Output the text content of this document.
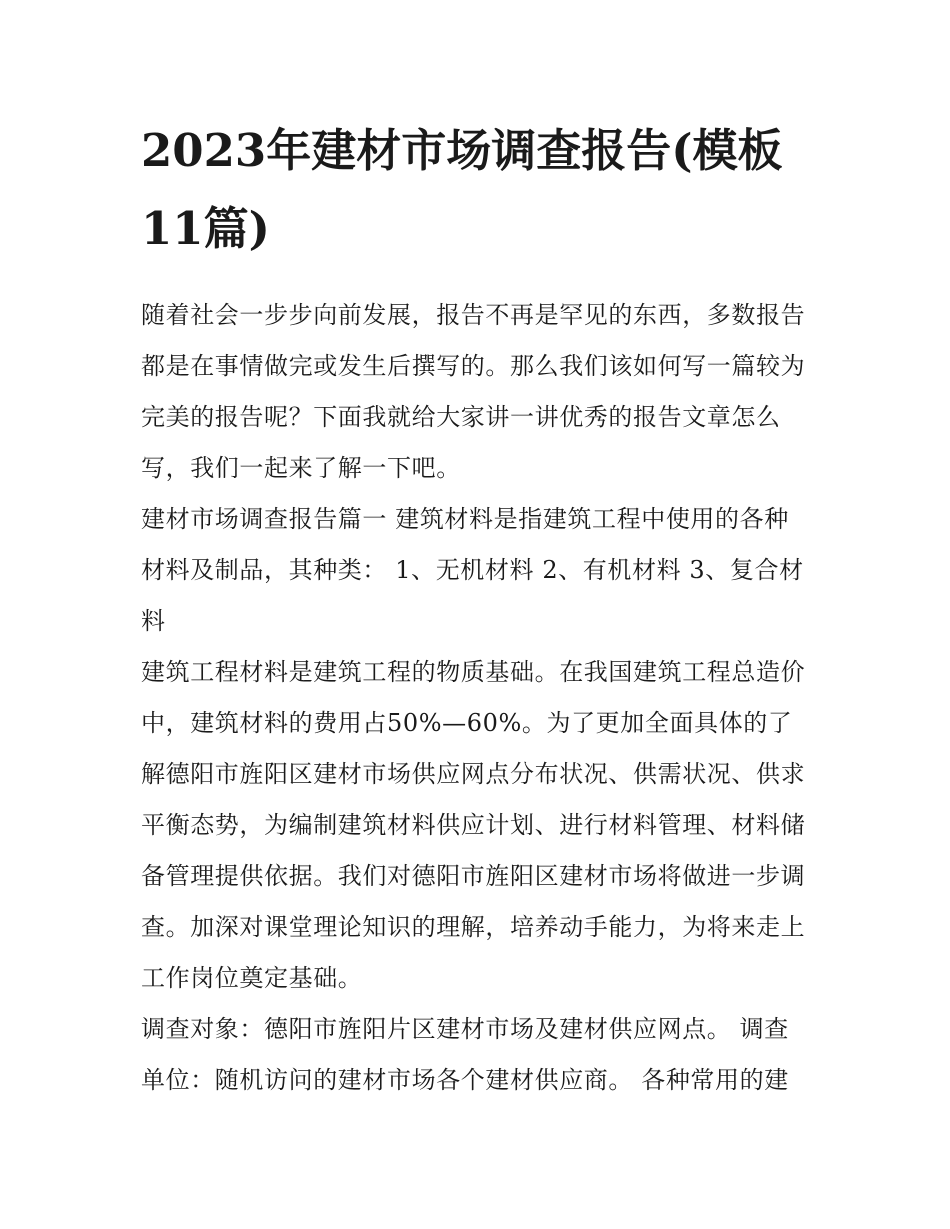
2023年建材市场调查报告(模板11篇)

随着社会一步步向前发展，报告不再是罕见的东西，多数报告都是在事情做完或发生后撰写的。那么我们该如何写一篇较为完美的报告呢？下面我就给大家讲一讲优秀的报告文章怎么写，我们一起来了解一下吧。

建材市场调查报告篇一 建筑材料是指建筑工程中使用的各种材料及制品，其种类： 1、无机材料 2、有机材料 3、复合材料

建筑工程材料是建筑工程的物质基础。在我国建筑工程总造价中，建筑材料的费用占50%—60%。为了更加全面具体的了解德阳市旌阳区建材市场供应网点分布状况、供需状况、供求平衡态势，为编制建筑材料供应计划、进行材料管理、材料储备管理提供依据。我们对德阳市旌阳区建材市场将做进一步调查。加深对课堂理论知识的理解，培养动手能力，为将来走上工作岗位奠定基础。

调查对象：德阳市旌阳片区建材市场及建材供应网点。 调查单位：随机访问的建材市场各个建材供应商。 各种常用的建
